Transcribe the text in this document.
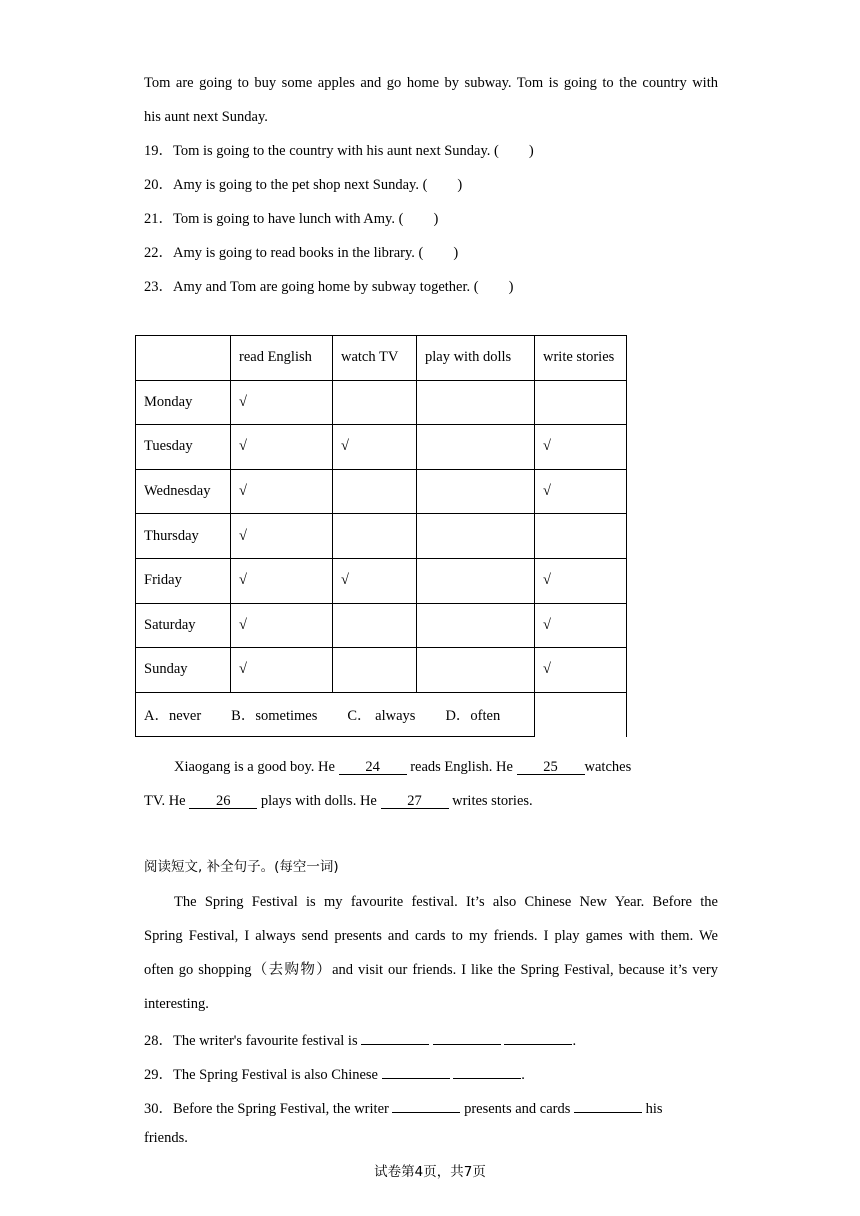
Tom are going to buy some apples and go home by subway. Tom is going to the country with
his aunt next Sunday.
19．Tom is going to the country with his aunt next Sunday. ( )
20．Amy is going to the pet shop next Sunday. ( )
21．Tom is going to have lunch with Amy. ( )
22．Amy is going to read books in the library. ( )
23．Amy and Tom are going home by subway together. ( )
	read English	watch TV	play with dolls	write stories
Monday	√			
Tuesday	√	√		√
Wednesday	√			√
Thursday	√			
Friday	√	√		√
Saturday	√			√
Sunday	√			√
A．never B．sometimes C． always D．often				
Xiaogang is a good boy. He 24 reads English. He 25 watches
TV. He 26 plays with dolls. He 27 writes stories.
阅读短文, 补全句子。(每空一词)
The Spring Festival is my favourite festival. It’s also Chinese New Year. Before the
Spring Festival, I always send presents and cards to my friends. I play games with them. We
often go shopping（去购物）and visit our friends. I like the Spring Festival, because it’s very
interesting.
28．The writer's favourite festival is	.
29．The Spring Festival is also Chinese	.
30．Before the Spring Festival, the writer	presents and cards	his
friends.
试卷第4页，共7页
